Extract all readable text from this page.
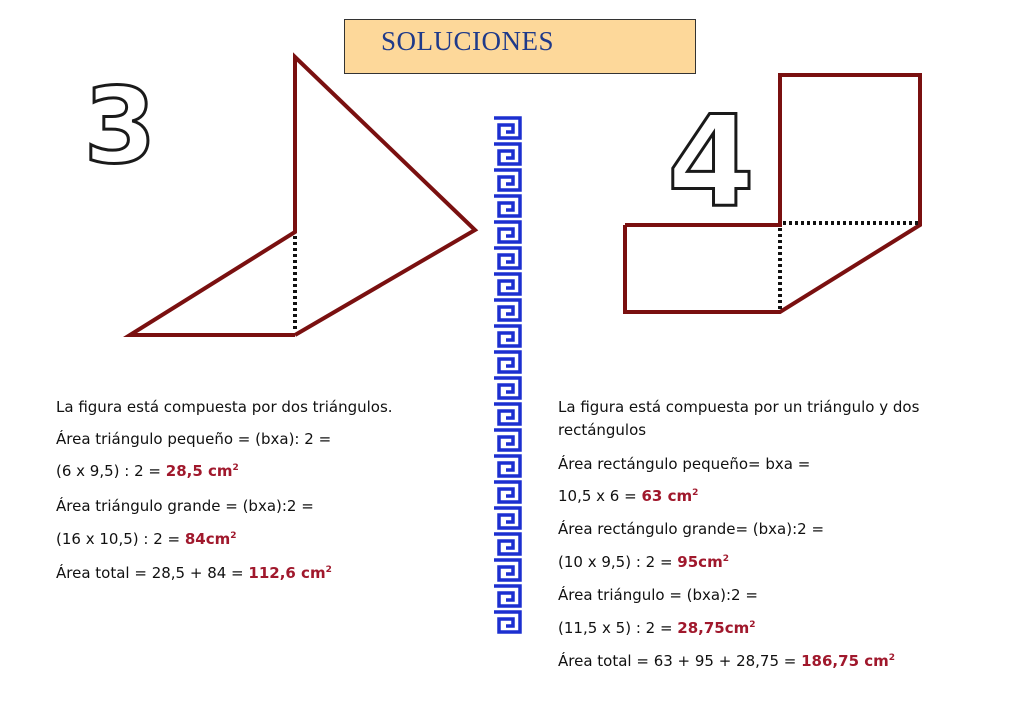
SOLUCIONES
3	4
La figura está compuesta por dos triángulos.
Área triángulo pequeño = (bxa): 2 =
(6 x 9,5) : 2 = 28,5 $cm^2$
Área triángulo grande = (bxa):2 =
(16 x 10,5) : $2 = 84cm^2$
Área total = 28,5 + 84 = 112,6 $cm^2$
La figura está compuesta por un triángulo y dos
rectángulos
Área rectángulo pequeño= bxa =
10,5 x 6 = 63 $cm^2$
Área rectángulo grande= (bxa):2 =
(10 x 9,5) : $2 = 95cm^2$
Área triángulo = (bxa):2 =
(11,5 x 5) : $2 = 28,75cm^2$
Área total = 63 + 95 + 28,75 = 186,75 $cm^2$
